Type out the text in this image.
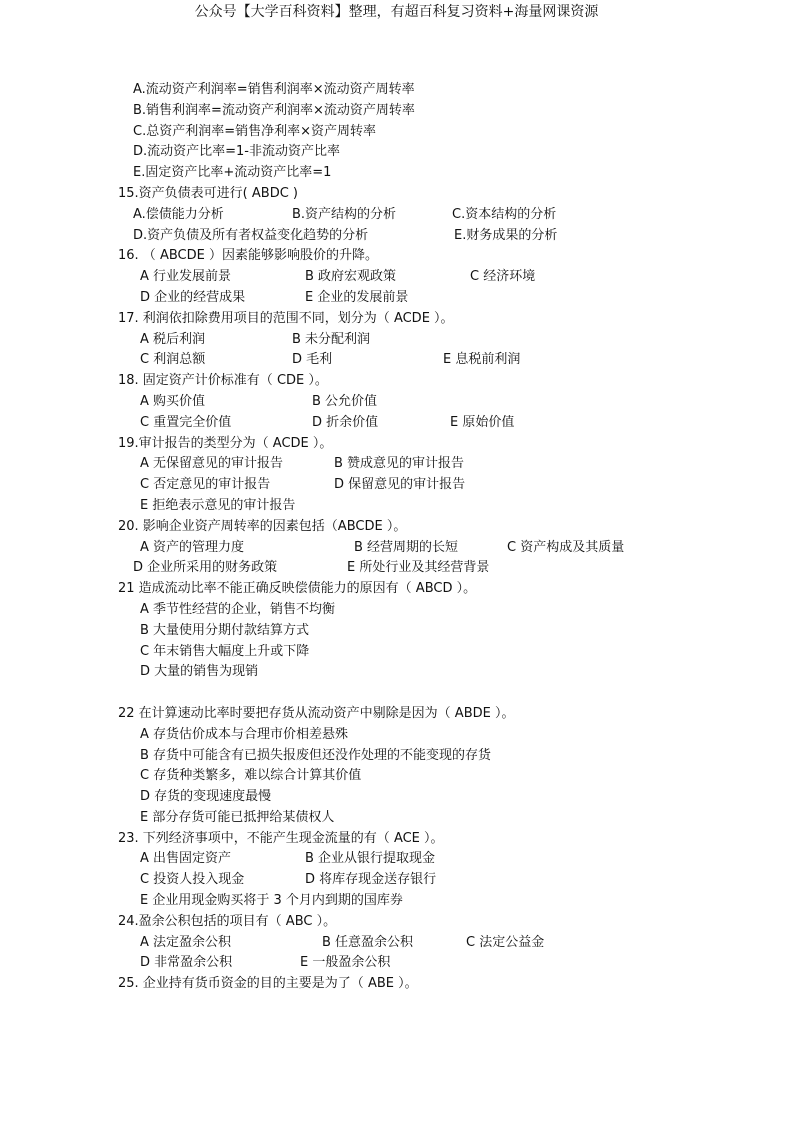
公众号【大学百科资料】整理，有超百科复习资料+海量网课资源
A.流动资产利润率=销售利润率×流动资产周转率
B.销售利润率=流动资产利润率×流动资产周转率
C.总资产利润率=销售净利率×资产周转率
D.流动资产比率=1-非流动资产比率
E.固定资产比率+流动资产比率=1
15.资产负债表可进行( ABDC )
A.偿债能力分析	B.资产结构的分析	C.资本结构的分析
D.资产负债及所有者权益变化趋势的分析	E.财务成果的分析
16. （ ABCDE ）因素能够影响股价的升降。
A 行业发展前景	B 政府宏观政策	C 经济环境
D 企业的经营成果	E 企业的发展前景
17. 利润依扣除费用项目的范围不同，划分为（ ACDE ）。
A 税后利润	B 未分配利润
C 利润总额	D 毛利	E 息税前利润
18. 固定资产计价标准有（ CDE ）。
A 购买价值	B 公允价值
C 重置完全价值	D 折余价值	E 原始价值
19.审计报告的类型分为（ ACDE ）。
A 无保留意见的审计报告	B 赞成意见的审计报告
C 否定意见的审计报告	D 保留意见的审计报告
E 拒绝表示意见的审计报告
20. 影响企业资产周转率的因素包括（ABCDE ）。
A 资产的管理力度	B 经营周期的长短	C 资产构成及其质量
D 企业所采用的财务政策	E 所处行业及其经营背景
21 造成流动比率不能正确反映偿债能力的原因有（ ABCD ）。
A 季节性经营的企业，销售不均衡
B 大量使用分期付款结算方式
C 年末销售大幅度上升或下降
D 大量的销售为现销
22 在计算速动比率时要把存货从流动资产中剔除是因为（ ABDE ）。
A 存货估价成本与合理市价相差悬殊
B 存货中可能含有已损失报废但还没作处理的不能变现的存货
C 存货种类繁多，难以综合计算其价值
D 存货的变现速度最慢
E 部分存货可能已抵押给某债权人
23. 下列经济事项中，不能产生现金流量的有（ ACE ）。
A 出售固定资产	B 企业从银行提取现金
C 投资人投入现金	D 将库存现金送存银行
E 企业用现金购买将于 3 个月内到期的国库券
24.盈余公积包括的项目有（ ABC ）。
A 法定盈余公积	B 任意盈余公积	C 法定公益金
D 非常盈余公积	E 一般盈余公积
25. 企业持有货币资金的目的主要是为了（ ABE ）。
